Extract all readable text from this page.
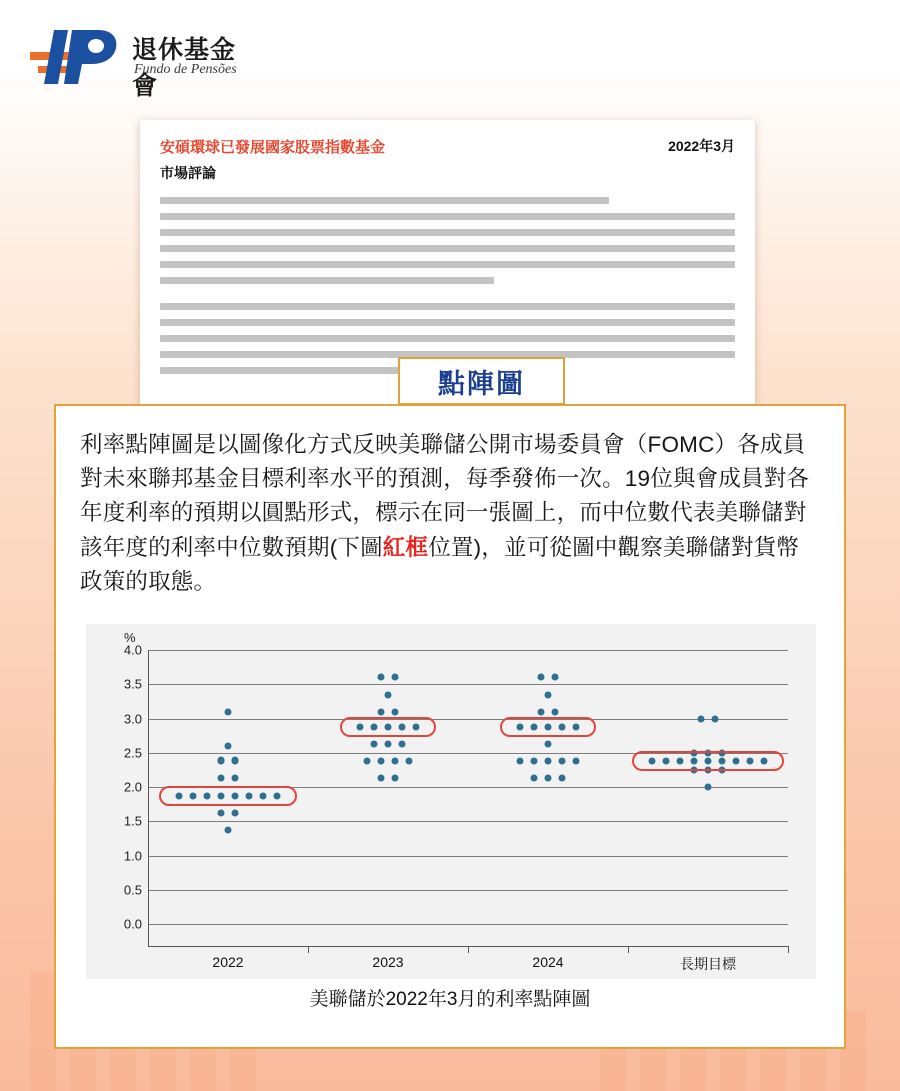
退休基金會
Fundo de Pensões
安碩環球已發展國家股票指數基金	2022年3月
市場評論
點陣圖
利率點陣圖是以圖像化方式反映美聯儲公開市場委員會（FOMC）各成員對未來聯邦基金目標利率水平的預測，每季發佈一次。19位與會成員對各年度利率的預期以圓點形式，標示在同一張圖上，而中位數代表美聯儲對該年度的利率中位數預期(下圖紅框位置)，並可從圖中觀察美聯儲對貨幣政策的取態。
%
0.0
0.5
1.0
1.5
2.0
2.5
3.0
3.5
4.0
2022	2023	2024	長期目標
美聯儲於2022年3月的利率點陣圖
